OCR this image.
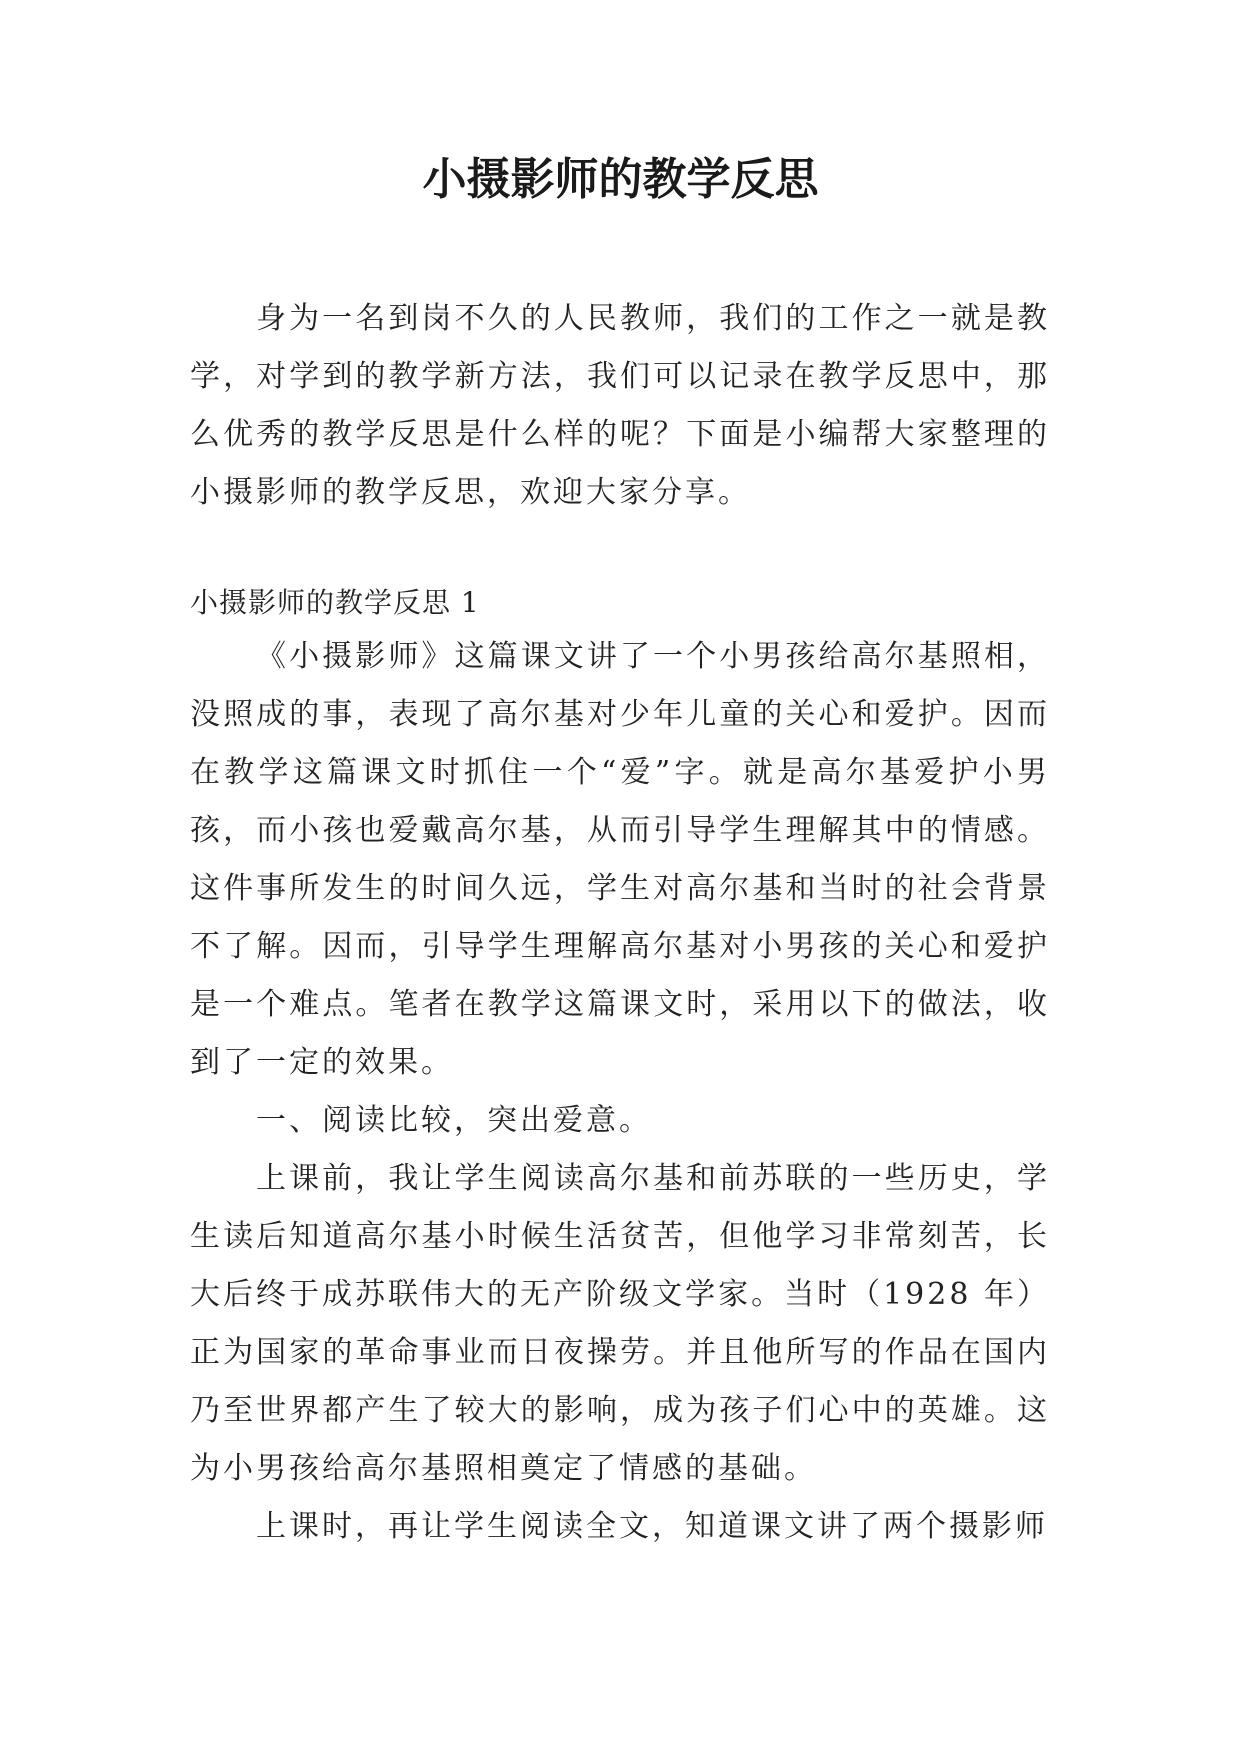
小摄影师的教学反思

身为一名到岗不久的人民教师，我们的工作之一就是教学，对学到的教学新方法，我们可以记录在教学反思中，那么优秀的教学反思是什么样的呢？下面是小编帮大家整理的小摄影师的教学反思，欢迎大家分享。

小摄影师的教学反思 1

《小摄影师》这篇课文讲了一个小男孩给高尔基照相，没照成的事，表现了高尔基对少年儿童的关心和爱护。因而在教学这篇课文时抓住一个“爱”字。就是高尔基爱护小男孩，而小孩也爱戴高尔基，从而引导学生理解其中的情感。这件事所发生的时间久远，学生对高尔基和当时的社会背景不了解。因而，引导学生理解高尔基对小男孩的关心和爱护是一个难点。笔者在教学这篇课文时，采用以下的做法，收到了一定的效果。

一、阅读比较，突出爱意。

上课前，我让学生阅读高尔基和前苏联的一些历史，学生读后知道高尔基小时候生活贫苦，但他学习非常刻苦，长大后终于成苏联伟大的无产阶级文学家。当时（1928 年）正为国家的革命事业而日夜操劳。并且他所写的作品在国内乃至世界都产生了较大的影响，成为孩子们心中的英雄。这为小男孩给高尔基照相奠定了情感的基础。

上课时，再让学生阅读全文，知道课文讲了两个摄影师
